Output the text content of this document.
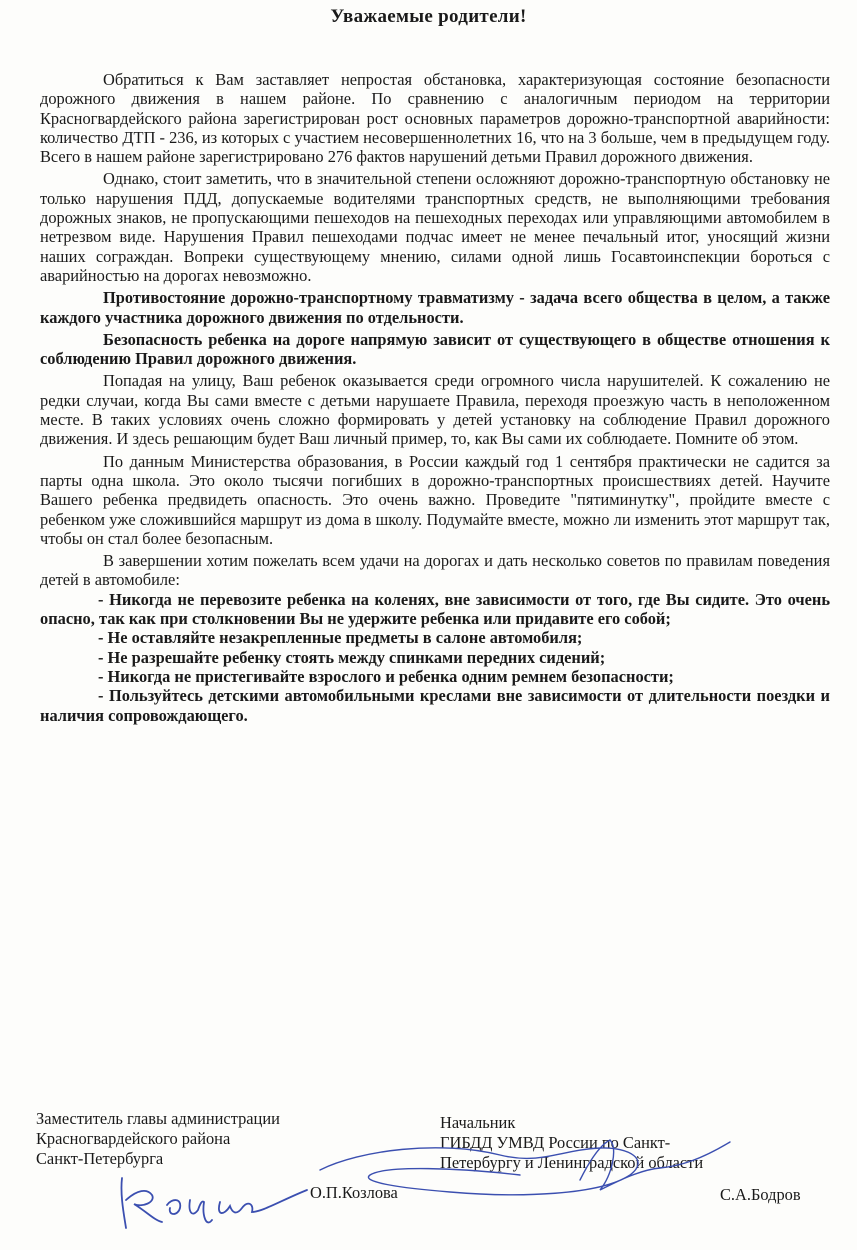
Уважаемые родители!

Обратиться к Вам заставляет непростая обстановка, характеризующая состояние безопасности дорожного движения в нашем районе. По сравнению с аналогичным периодом на территории Красногвардейского района зарегистрирован рост основных параметров дорожно-транспортной аварийности: количество ДТП - 236, из которых с участием несовершеннолетних 16, что на 3 больше, чем в предыдущем году. Всего в нашем районе зарегистрировано 276 фактов нарушений детьми Правил дорожного движения.

Однако, стоит заметить, что в значительной степени осложняют дорожно-транспортную обстановку не только нарушения ПДД, допускаемые водителями транспортных средств, не выполняющими требования дорожных знаков, не пропускающими пешеходов на пешеходных переходах или управляющими автомобилем в нетрезвом виде. Нарушения Правил пешеходами подчас имеет не менее печальный итог, уносящий жизни наших сограждан. Вопреки существующему мнению, силами одной лишь Госавтоинспекции бороться с аварийностью на дорогах невозможно.

Противостояние дорожно-транспортному травматизму - задача всего общества в целом, а также каждого участника дорожного движения по отдельности.

Безопасность ребенка на дороге напрямую зависит от существующего в обществе отношения к соблюдению Правил дорожного движения.

Попадая на улицу, Ваш ребенок оказывается среди огромного числа нарушителей. К сожалению не редки случаи, когда Вы сами вместе с детьми нарушаете Правила, переходя проезжую часть в неположенном месте. В таких условиях очень сложно формировать у детей установку на соблюдение Правил дорожного движения. И здесь решающим будет Ваш личный пример, то, как Вы сами их соблюдаете. Помните об этом.

По данным Министерства образования, в России каждый год 1 сентября практически не садится за парты одна школа. Это около тысячи погибших в дорожно-транспортных происшествиях детей. Научите Вашего ребенка предвидеть опасность. Это очень важно. Проведите "пятиминутку", пройдите вместе с ребенком уже сложившийся маршрут из дома в школу. Подумайте вместе, можно ли изменить этот маршрут так, чтобы он стал более безопасным.

В завершении хотим пожелать всем удачи на дорогах и дать несколько советов по правилам поведения детей в автомобиле:

- Никогда не перевозите ребенка на коленях, вне зависимости от того, где Вы сидите. Это очень опасно, так как при столкновении Вы не удержите ребенка или придавите его собой;

- Не оставляйте незакрепленные предметы в салоне автомобиля;

- Не разрешайте ребенку стоять между спинками передних сидений;

- Никогда не пристегивайте взрослого и ребенка одним ремнем безопасности;

- Пользуйтесь детскими автомобильными креслами вне зависимости от длительности поездки и наличия сопровождающего.

Заместитель главы администрации
Красногвардейского района
Санкт-Петербурга
О.П.Козлова
Начальник
ГИБДД УМВД России по Санкт-
Петербургу и Ленинградской области
С.А.Бодров
